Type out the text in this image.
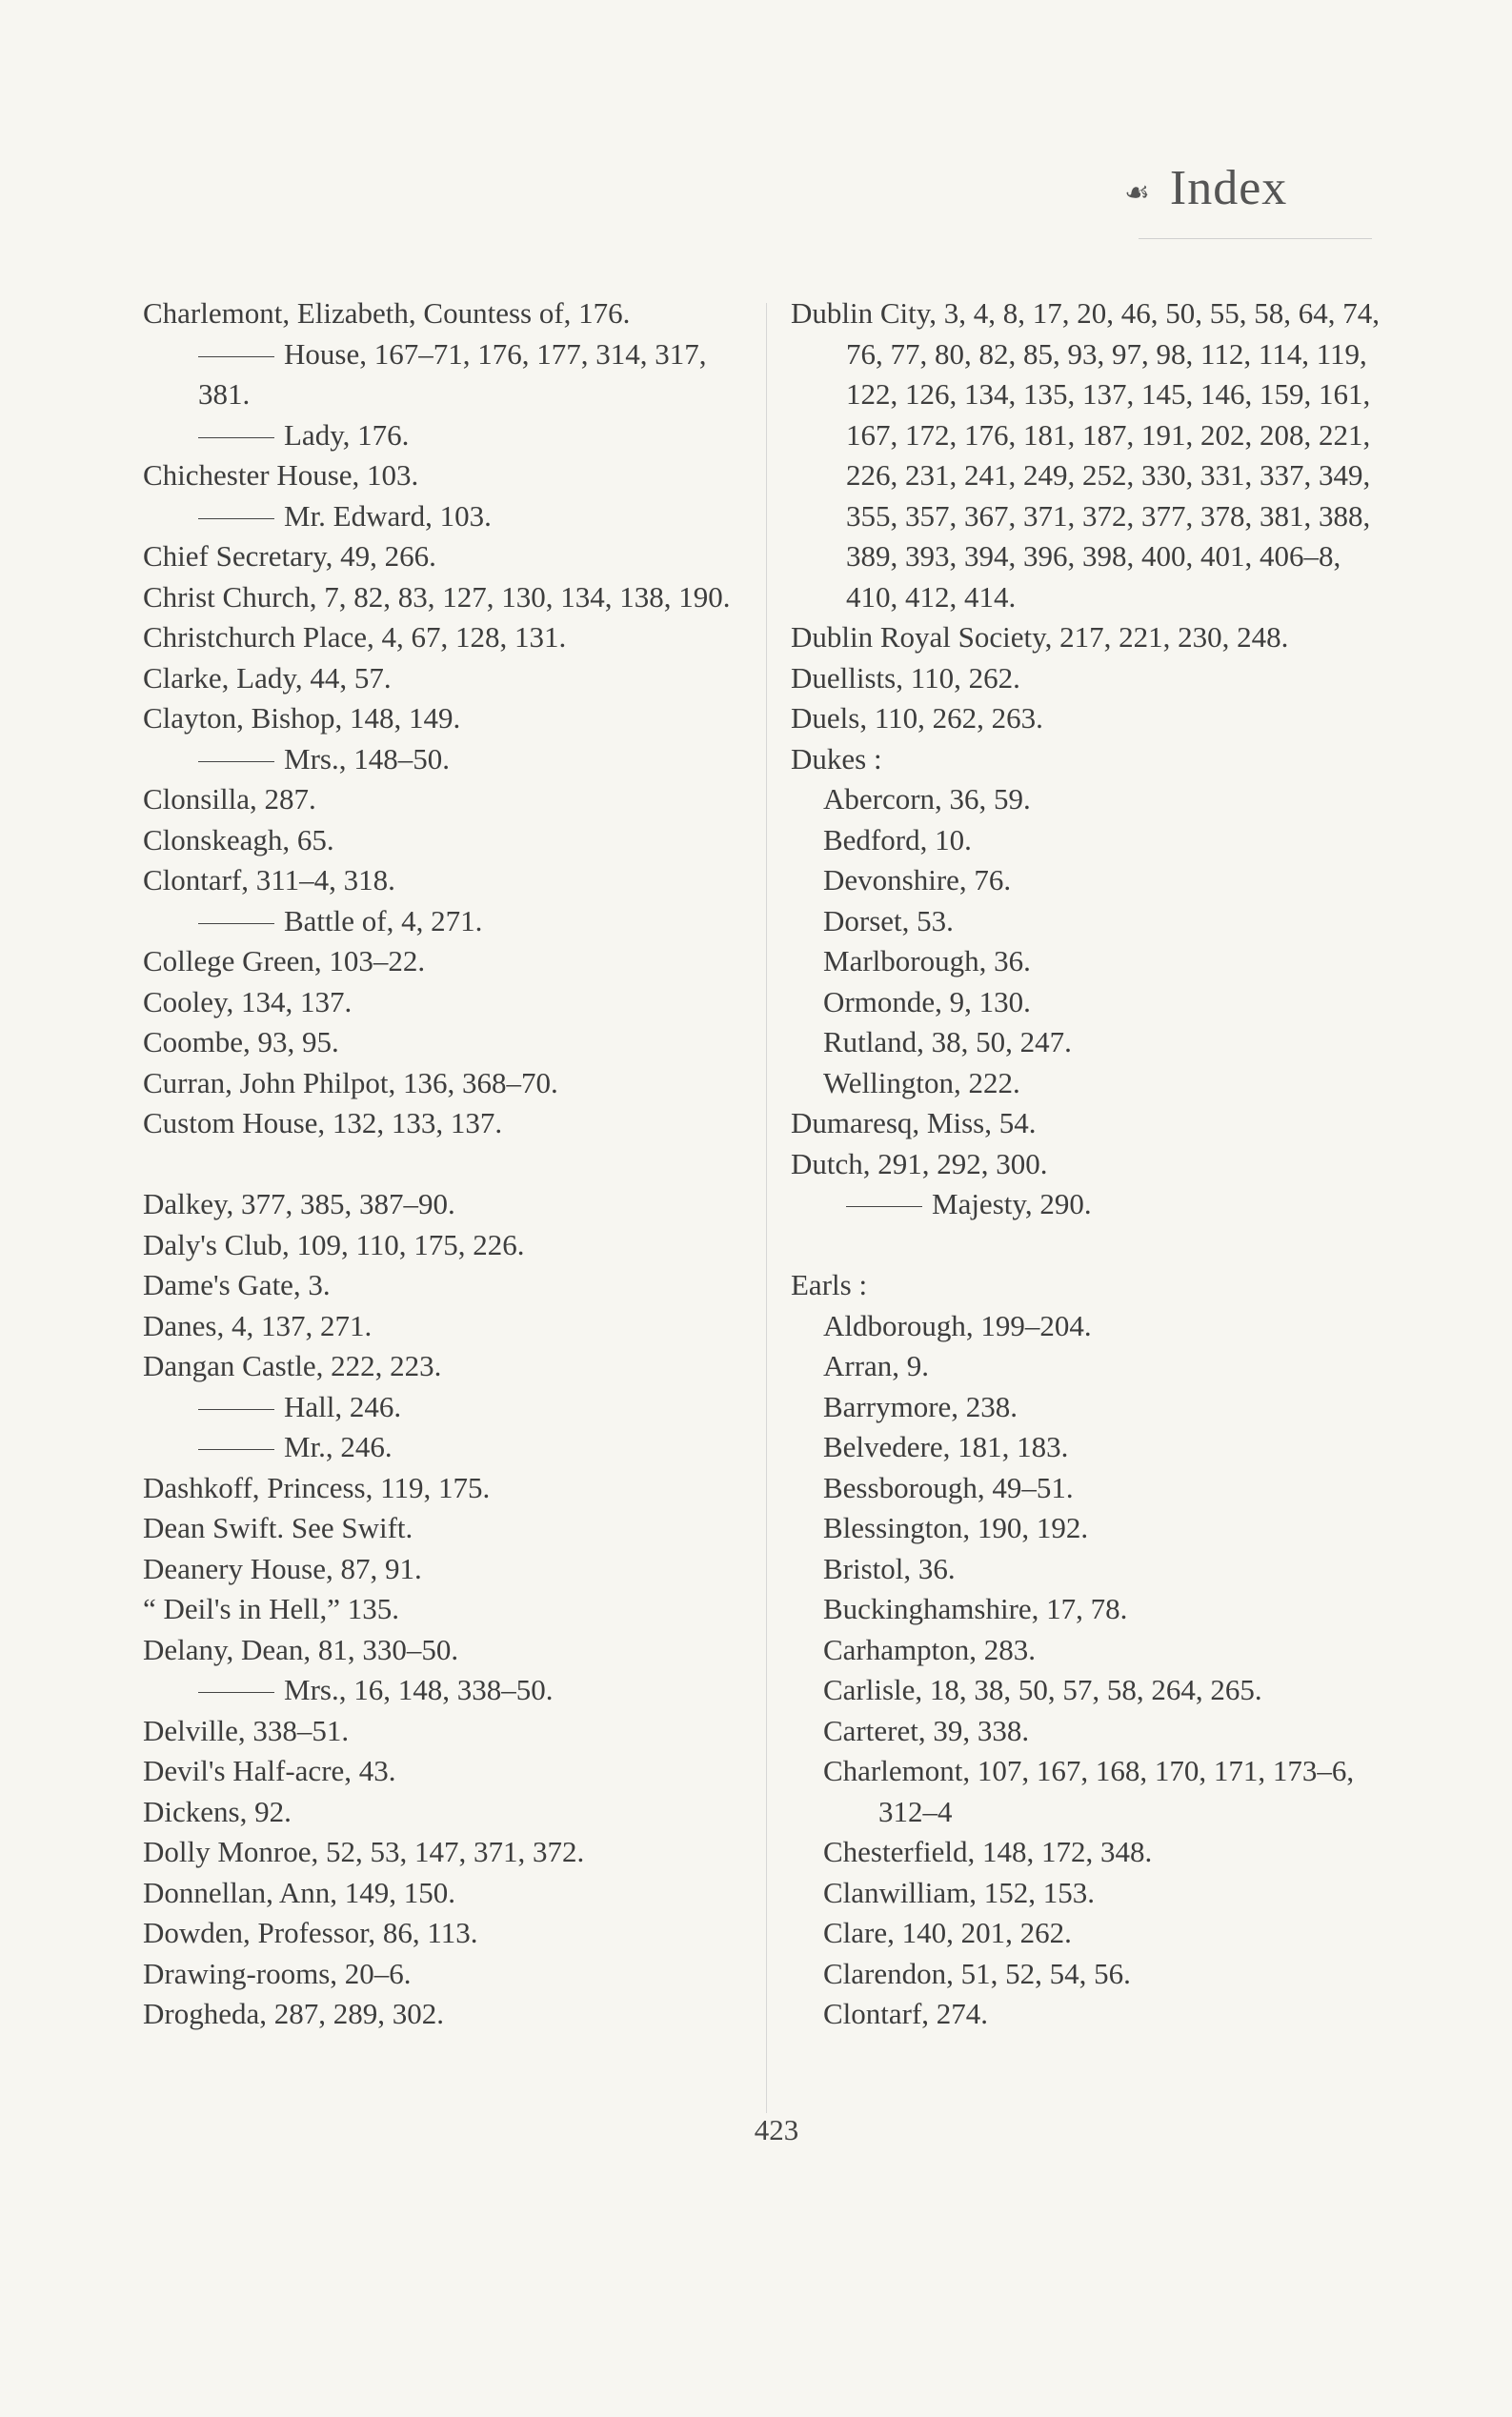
☙ Index
Charlemont, Elizabeth, Countess of, 176.
House, 167–71, 176, 177, 314, 317, 381.
Lady, 176.
Chichester House, 103.
Mr. Edward, 103.
Chief Secretary, 49, 266.
Christ Church, 7, 82, 83, 127, 130, 134, 138, 190.
Christchurch Place, 4, 67, 128, 131.
Clarke, Lady, 44, 57.
Clayton, Bishop, 148, 149.
Mrs., 148–50.
Clonsilla, 287.
Clonskeagh, 65.
Clontarf, 311–4, 318.
Battle of, 4, 271.
College Green, 103–22.
Cooley, 134, 137.
Coombe, 93, 95.
Curran, John Philpot, 136, 368–70.
Custom House, 132, 133, 137.
Dalkey, 377, 385, 387–90.
Daly's Club, 109, 110, 175, 226.
Dame's Gate, 3.
Danes, 4, 137, 271.
Dangan Castle, 222, 223.
Hall, 246.
Mr., 246.
Dashkoff, Princess, 119, 175.
Dean Swift. See Swift.
Deanery House, 87, 91.
“ Deil's in Hell,” 135.
Delany, Dean, 81, 330–50.
Mrs., 16, 148, 338–50.
Delville, 338–51.
Devil's Half-acre, 43.
Dickens, 92.
Dolly Monroe, 52, 53, 147, 371, 372.
Donnellan, Ann, 149, 150.
Dowden, Professor, 86, 113.
Drawing-rooms, 20–6.
Drogheda, 287, 289, 302.
Dublin City, 3, 4, 8, 17, 20, 46, 50, 55, 58, 64, 74, 76, 77, 80, 82, 85, 93, 97, 98, 112, 114, 119, 122, 126, 134, 135, 137, 145, 146, 159, 161, 167, 172, 176, 181, 187, 191, 202, 208, 221, 226, 231, 241, 249, 252, 330, 331, 337, 349, 355, 357, 367, 371, 372, 377, 378, 381, 388, 389, 393, 394, 396, 398, 400, 401, 406–8, 410, 412, 414.
Dublin Royal Society, 217, 221, 230, 248.
Duellists, 110, 262.
Duels, 110, 262, 263.
Dukes :
Abercorn, 36, 59.
Bedford, 10.
Devonshire, 76.
Dorset, 53.
Marlborough, 36.
Ormonde, 9, 130.
Rutland, 38, 50, 247.
Wellington, 222.
Dumaresq, Miss, 54.
Dutch, 291, 292, 300.
Majesty, 290.
Earls :
Aldborough, 199–204.
Arran, 9.
Barrymore, 238.
Belvedere, 181, 183.
Bessborough, 49–51.
Blessington, 190, 192.
Bristol, 36.
Buckinghamshire, 17, 78.
Carhampton, 283.
Carlisle, 18, 38, 50, 57, 58, 264, 265.
Carteret, 39, 338.
Charlemont, 107, 167, 168, 170, 171, 173–6, 312–4
Chesterfield, 148, 172, 348.
Clanwilliam, 152, 153.
Clare, 140, 201, 262.
Clarendon, 51, 52, 54, 56.
Clontarf, 274.
423
